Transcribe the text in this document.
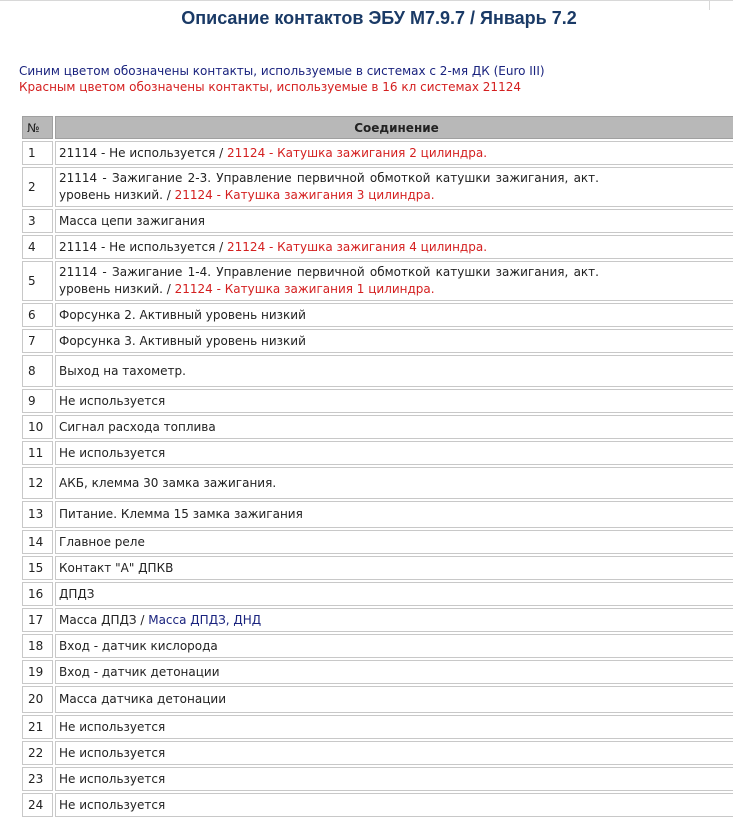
Описание контактов ЭБУ M7.9.7 / Январь 7.2
Синим цветом обозначены контакты, используемые в системах с 2-мя ДК (Euro III)
Красным цветом обозначены контакты, используемые в 16 кл системах 21124
№	Соединение
1	21114 - Не используется / 21124 - Катушка зажигания 2 цилиндра.
2	21114 - Зажигание 2-3. Управление первичной обмоткой катушки зажигания, акт. уровень низкий. / 21124 - Катушка зажигания 3 цилиндра.

3	Масса цепи зажигания
4	21114 - Не используется / 21124 - Катушка зажигания 4 цилиндра.
5	21114 - Зажигание 1-4. Управление первичной обмоткой катушки зажигания, акт. уровень низкий. / 21124 - Катушка зажигания 1 цилиндра.

6	Форсунка 2. Активный уровень низкий
7	Форсунка 3. Активный уровень низкий
8	Выход на тахометр.
9	Не используется
10	Сигнал расхода топлива
11	Не используется
12	АКБ, клемма 30 замка зажигания.
13	Питание. Клемма 15 замка зажигания
14	Главное реле
15	Контакт "А" ДПКВ
16	ДПДЗ
17	Масса ДПДЗ / Масса ДПДЗ, ДНД
18	Вход - датчик кислорода
19	Вход - датчик детонации
20	Масса датчика детонации
21	Не используется
22	Не используется
23	Не используется
24	Не используется
